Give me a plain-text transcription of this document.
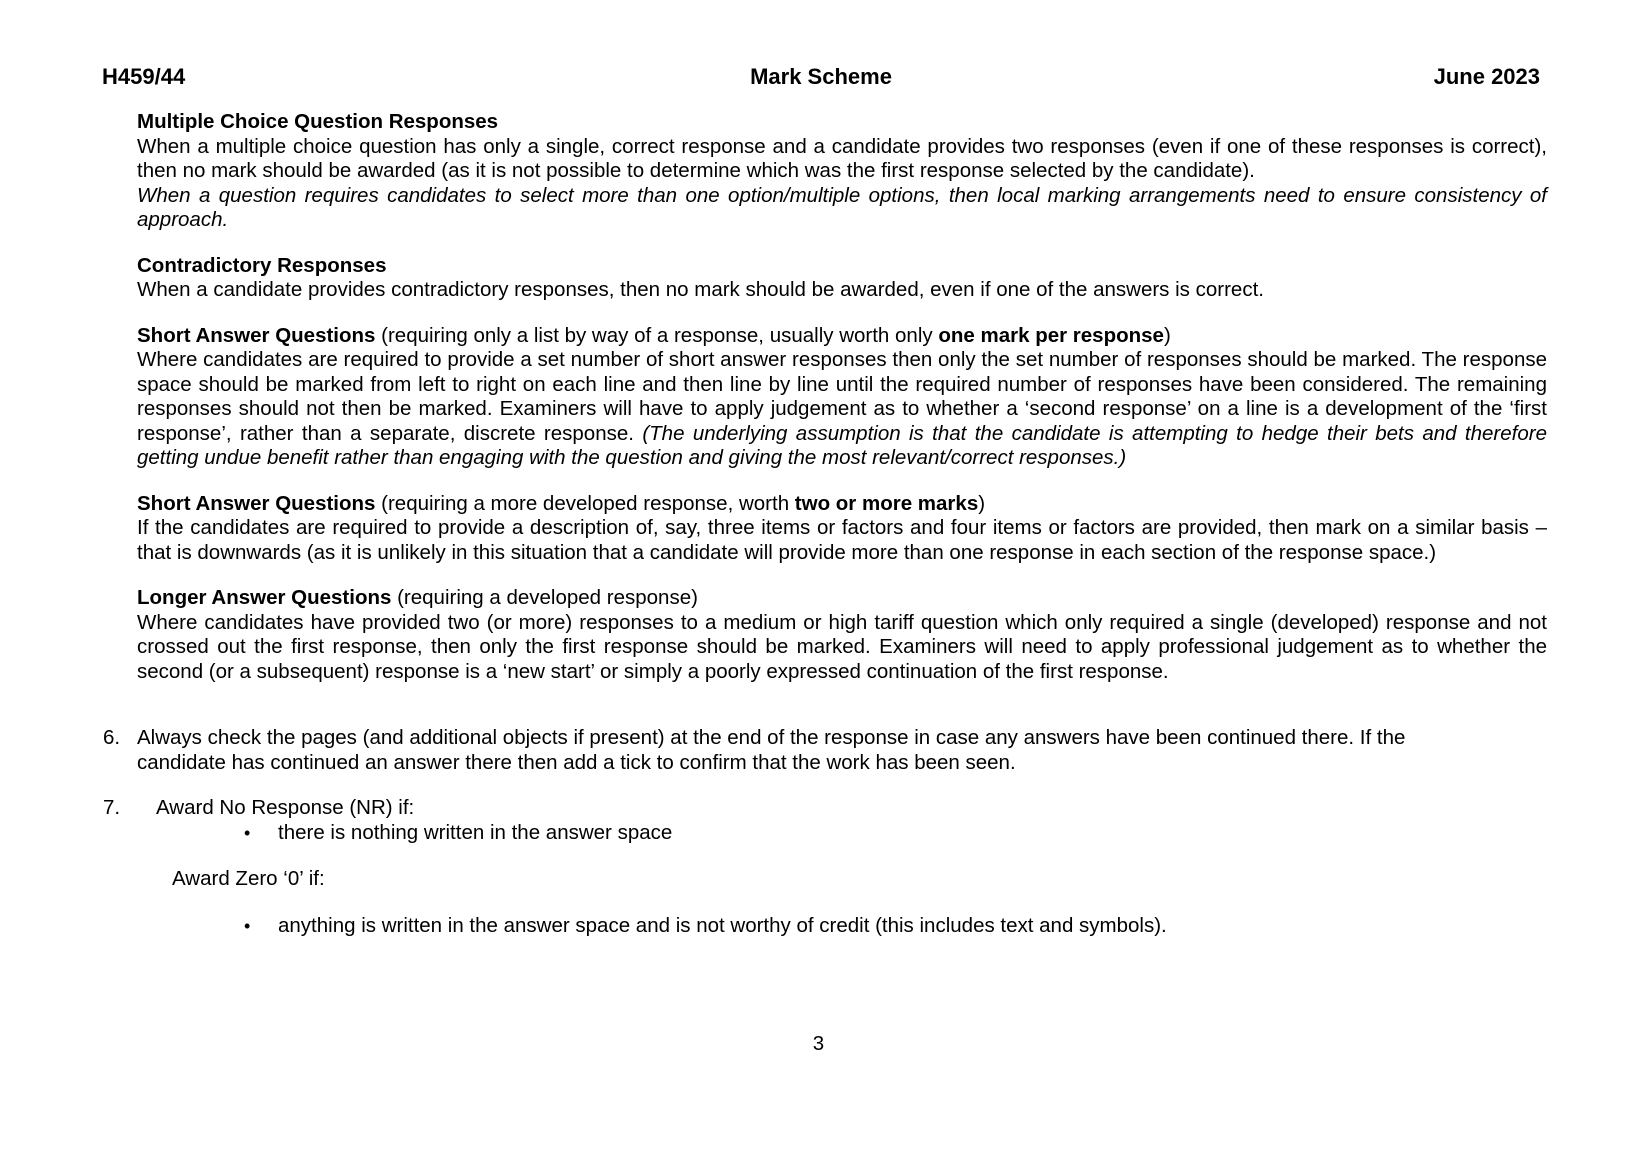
H459/44	Mark Scheme	June 2023

Multiple Choice Question Responses

When a multiple choice question has only a single, correct response and a candidate provides two responses (even if one of these responses is correct), then no mark should be awarded (as it is not possible to determine which was the first response selected by the candidate).

When a question requires candidates to select more than one option/multiple options, then local marking arrangements need to ensure consistency of approach.

Contradictory Responses

When a candidate provides contradictory responses, then no mark should be awarded, even if one of the answers is correct.

Short Answer Questions (requiring only a list by way of a response, usually worth only one mark per response)

Where candidates are required to provide a set number of short answer responses then only the set number of responses should be marked. The response space should be marked from left to right on each line and then line by line until the required number of responses have been considered. The remaining responses should not then be marked. Examiners will have to apply judgement as to whether a ‘second response’ on a line is a development of the ‘first response’, rather than a separate, discrete response. (The underlying assumption is that the candidate is attempting to hedge their bets and therefore getting undue benefit rather than engaging with the question and giving the most relevant/correct responses.)

Short Answer Questions (requiring a more developed response, worth two or more marks)

If the candidates are required to provide a description of, say, three items or factors and four items or factors are provided, then mark on a similar basis – that is downwards (as it is unlikely in this situation that a candidate will provide more than one response in each section of the response space.)

Longer Answer Questions (requiring a developed response)

Where candidates have provided two (or more) responses to a medium or high tariff question which only required a single (developed) response and not crossed out the first response, then only the first response should be marked. Examiners will need to apply professional judgement as to whether the second (or a subsequent) response is a ‘new start’ or simply a poorly expressed continuation of the first response.

6. Always check the pages (and additional objects if present) at the end of the response in case any answers have been continued there. If the candidate has continued an answer there then add a tick to confirm that the work has been seen.
7.	Award No Response (NR) if:
•	there is nothing written in the answer space
Award Zero ‘0’ if:
•	anything is written in the answer space and is not worthy of credit (this includes text and symbols).
3
